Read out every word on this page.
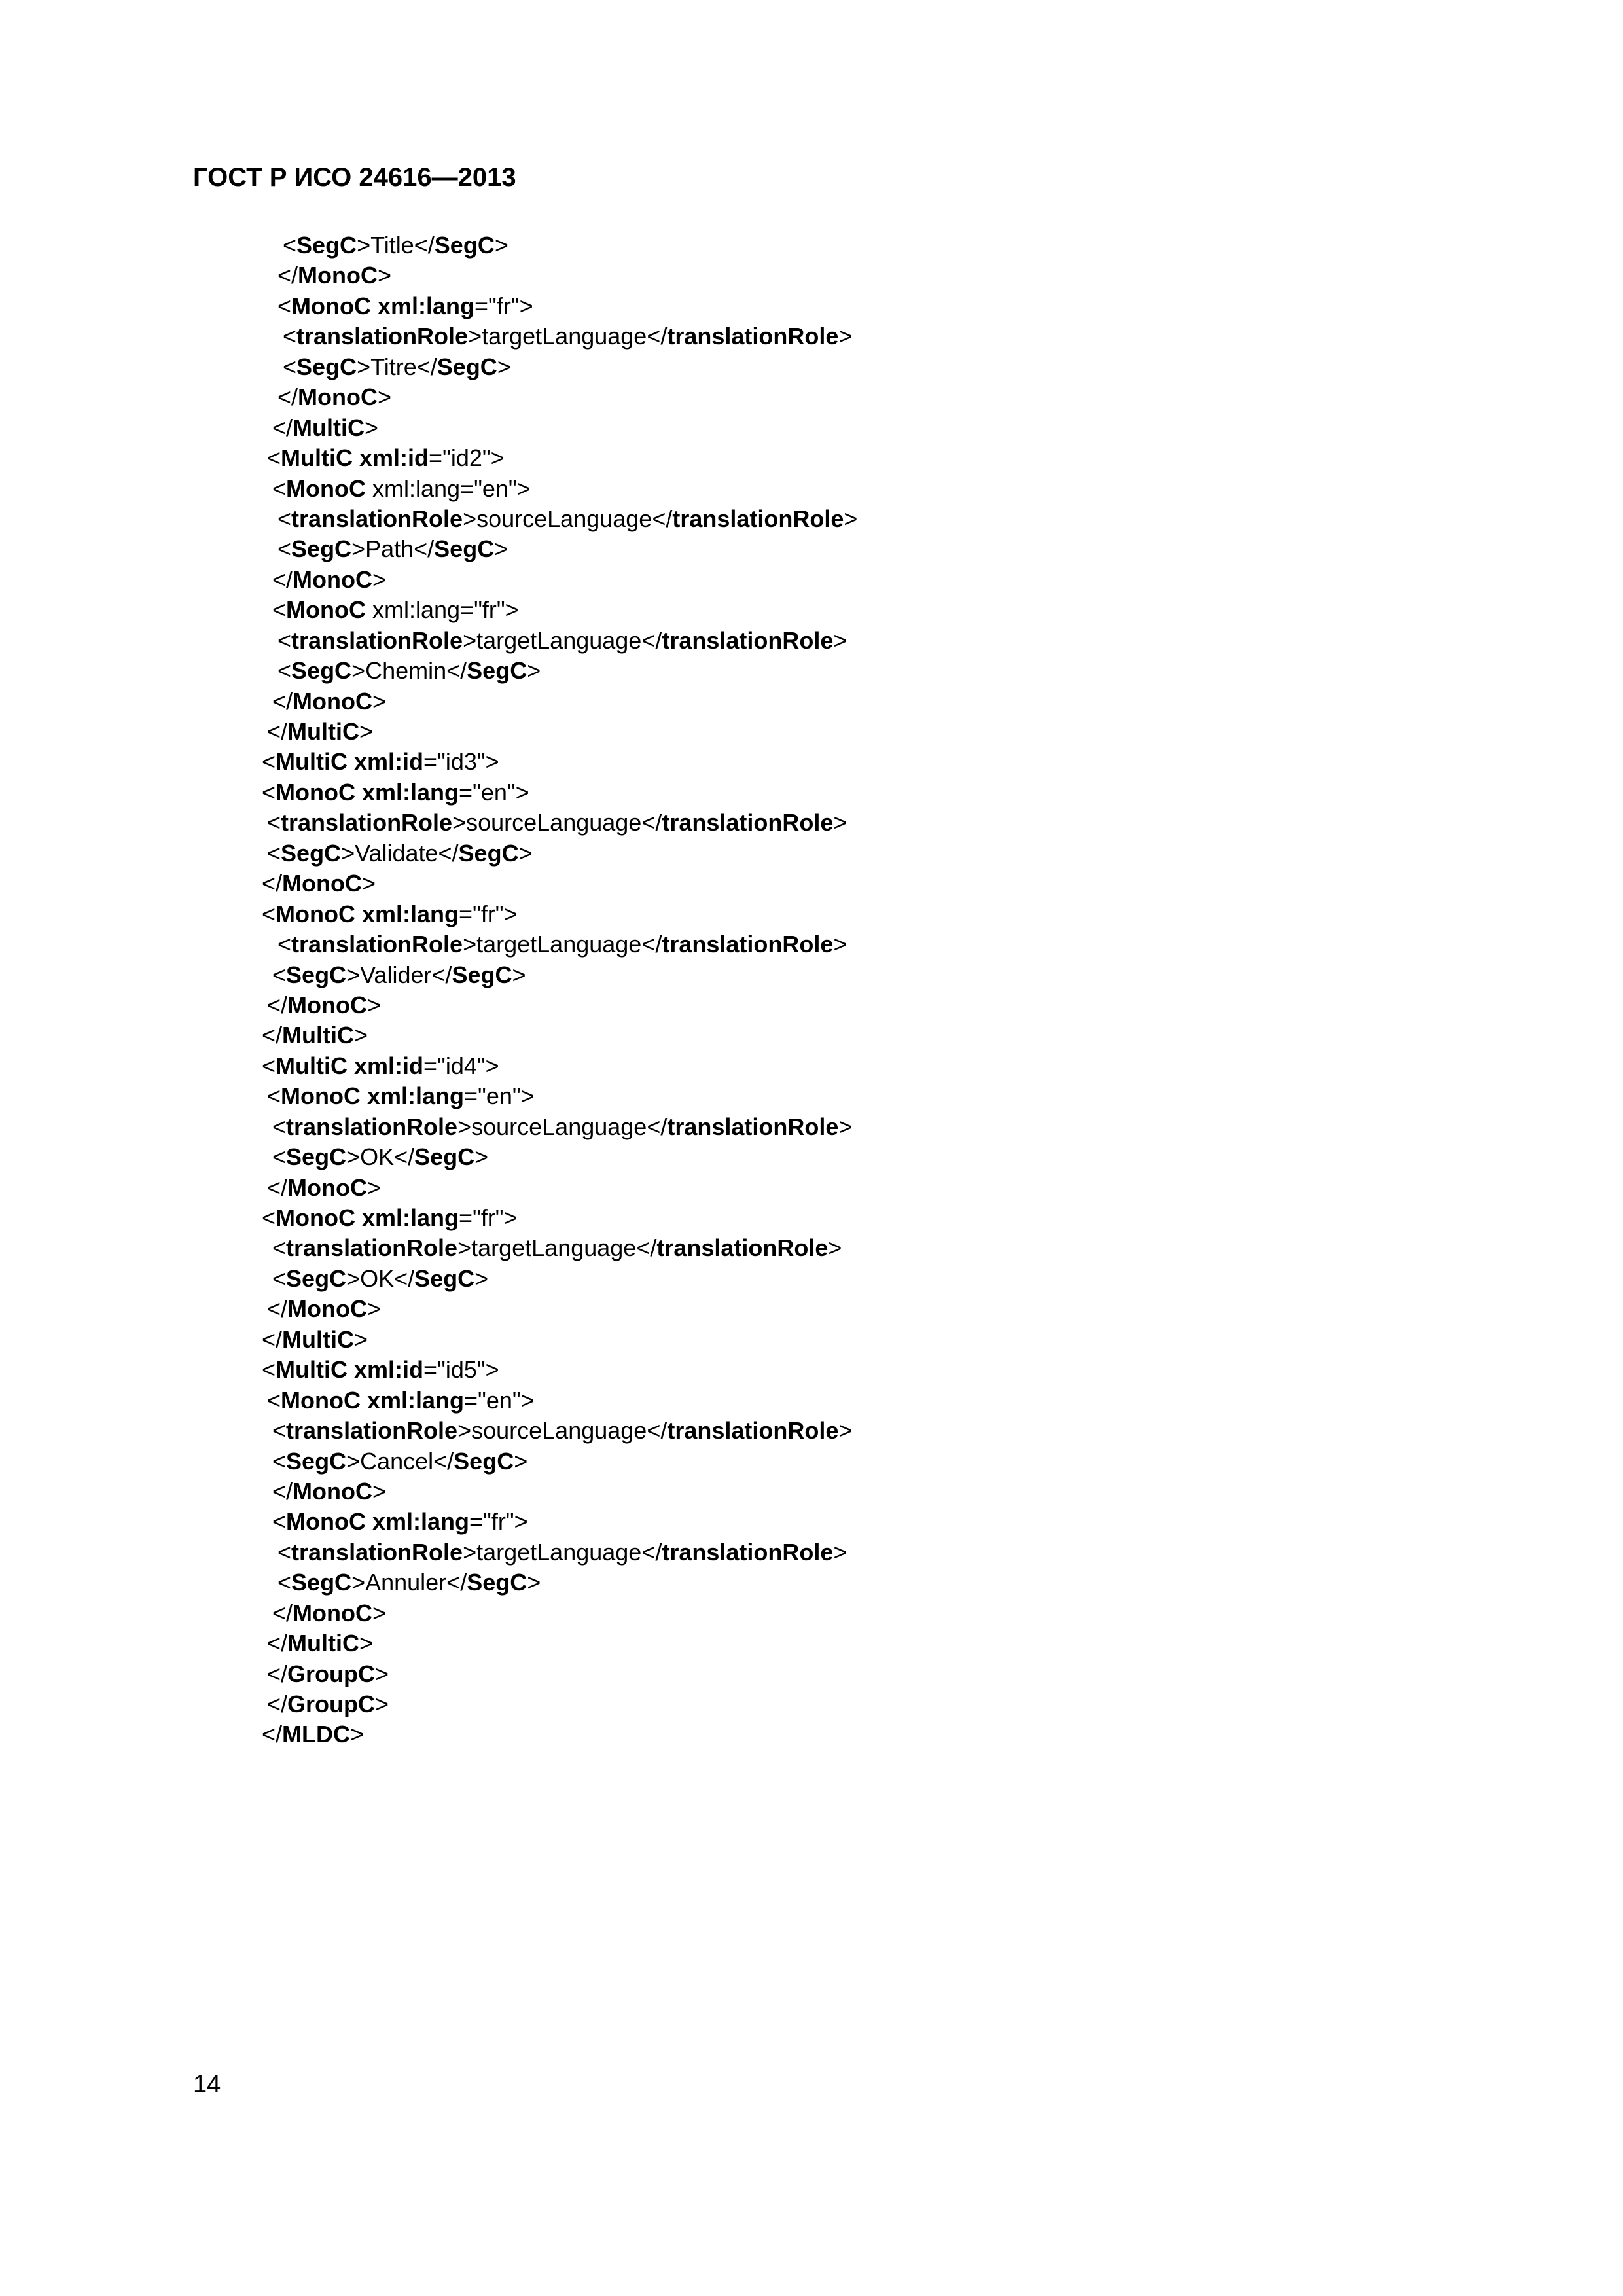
ГОСТ Р ИСО 24616—2013
<SegC>Title</SegC>
</MonoC>
<MonoC xml:lang="fr">
<translationRole>targetLanguage</translationRole>
<SegC>Titre</SegC>
</MonoC>
</MultiC>
<MultiC xml:id="id2">
<MonoC xml:lang="en">
<translationRole>sourceLanguage</translationRole>
<SegC>Path</SegC>
</MonoC>
<MonoC xml:lang="fr">
<translationRole>targetLanguage</translationRole>
<SegC>Chemin</SegC>
</MonoC>
</MultiC>
<MultiC xml:id="id3">
<MonoC xml:lang="en">
<translationRole>sourceLanguage</translationRole>
<SegC>Validate</SegC>
</MonoC>
<MonoC xml:lang="fr">
<translationRole>targetLanguage</translationRole>
<SegC>Valider</SegC>
</MonoC>
</MultiC>
<MultiC xml:id="id4">
<MonoC xml:lang="en">
<translationRole>sourceLanguage</translationRole>
<SegC>OK</SegC>
</MonoC>
<MonoC xml:lang="fr">
<translationRole>targetLanguage</translationRole>
<SegC>OK</SegC>
</MonoC>
</MultiC>
<MultiC xml:id="id5">
<MonoC xml:lang="en">
<translationRole>sourceLanguage</translationRole>
<SegC>Cancel</SegC>
</MonoC>
<MonoC xml:lang="fr">
<translationRole>targetLanguage</translationRole>
<SegC>Annuler</SegC>
</MonoC>
</MultiC>
</GroupC>
</GroupC>
</MLDC>
14
